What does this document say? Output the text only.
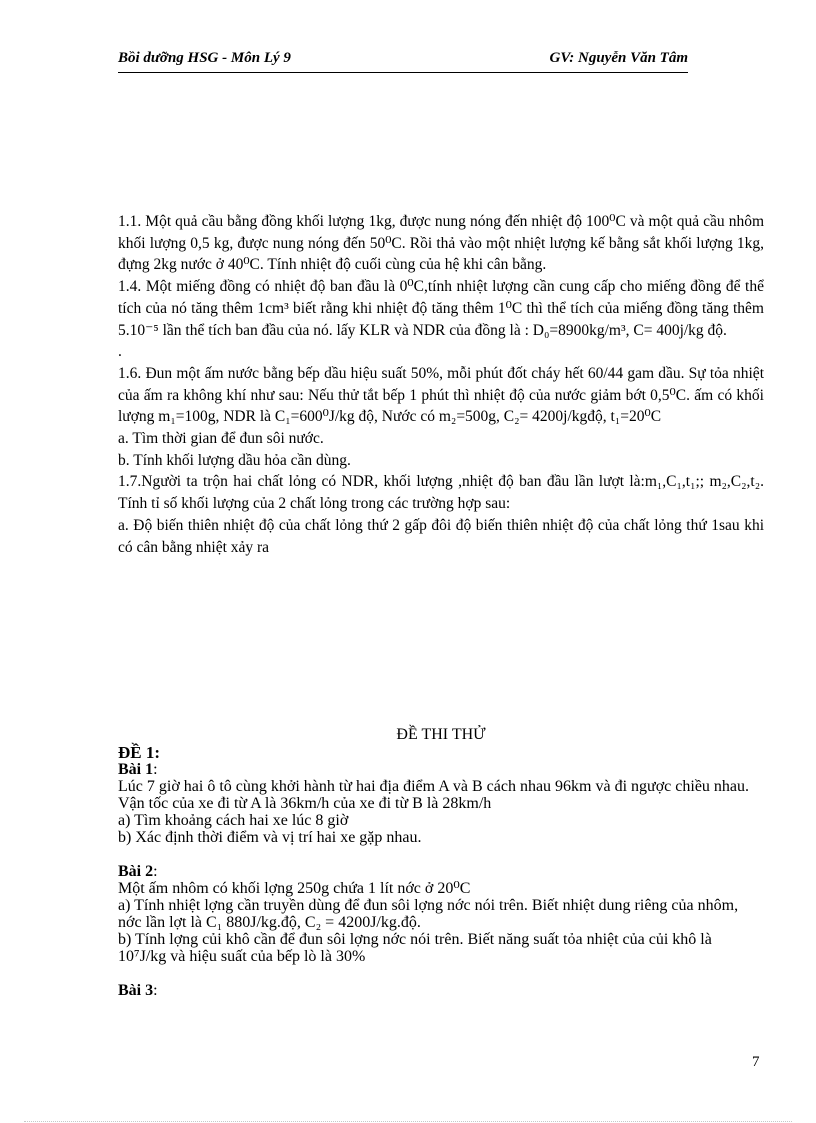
Bồi dưỡng HSG - Môn Lý 9	GV: Nguyễn Văn Tâm

1.1. Một quả cầu bằng đồng khối lượng 1kg, được nung nóng đến nhiệt độ 100⁰C và một quả cầu nhôm khối lượng 0,5 kg, được nung nóng đến 50⁰C. Rồi thả vào một nhiệt lượng kế bằng sắt khối lượng 1kg, đựng 2kg nước ở 40⁰C. Tính nhiệt độ cuối cùng của hệ khi cân bằng.

1.4. Một miếng đồng có nhiệt độ ban đầu là 0⁰C,tính nhiệt lượng cần cung cấp cho miếng đồng để thể tích của nó tăng thêm 1cm³ biết rằng khi nhiệt độ tăng thêm 1⁰C thì thể tích của miếng đồng tăng thêm 5.10⁻⁵ lần thể tích ban đầu của nó. lấy KLR và NDR của đồng là : D₀=8900kg/m³, C= 400j/kg độ.

.

1.6. Đun một ấm nước bằng bếp dầu hiệu suất 50%, mỗi phút đốt cháy hết 60/44 gam dầu. Sự tỏa nhiệt của ấm ra không khí như sau: Nếu thử tắt bếp 1 phút thì nhiệt độ của nước giảm bớt 0,5⁰C. ấm có khối lượng m₁=100g, NDR là C₁=600⁰J/kg độ, Nước có m₂=500g, C₂= 4200j/kgđộ, t₁=20⁰C

a. Tìm thời gian để đun sôi nước.

b. Tính khối lượng dầu hỏa cần dùng.

1.7.Người ta trộn hai chất lỏng có NDR, khối lượng ,nhiệt độ ban đầu lần lượt là:m₁,C₁,t₁;; m₂,C₂,t₂. Tính tỉ số khối lượng của 2 chất lỏng trong các trường hợp sau:

a. Độ biến thiên nhiệt độ của chất lỏng thứ 2 gấp đôi độ biến thiên nhiệt độ của chất lỏng thứ 1sau khi có cân bằng nhiệt xảy ra

ĐỀ THI THỬ

ĐỀ 1:

Bài 1:

Lúc 7 giờ hai ô tô cùng khởi hành từ hai địa điểm A và B cách nhau 96km và đi ngược chiều nhau. Vận tốc của xe đi từ A là 36km/h của xe đi từ B là 28km/h

a) Tìm khoảng cách hai xe lúc 8 giờ

b) Xác định thời điểm và vị trí hai xe gặp nhau.

Bài 2:

Một ấm nhôm có khối lợng 250g chứa 1 lít nớc ở 20⁰C

a) Tính nhiệt lợng cần truyền dùng để đun sôi lợng nớc nói trên. Biết nhiệt dung riêng của nhôm, nớc lần lợt là C₁ 880J/kg.độ, C₂ = 4200J/kg.độ.

b) Tính lợng củi khô cần để đun sôi lợng nớc nói trên. Biết năng suất tỏa nhiệt của củi khô là 10⁷J/kg và hiệu suất của bếp lò là 30%

Bài 3:

7
